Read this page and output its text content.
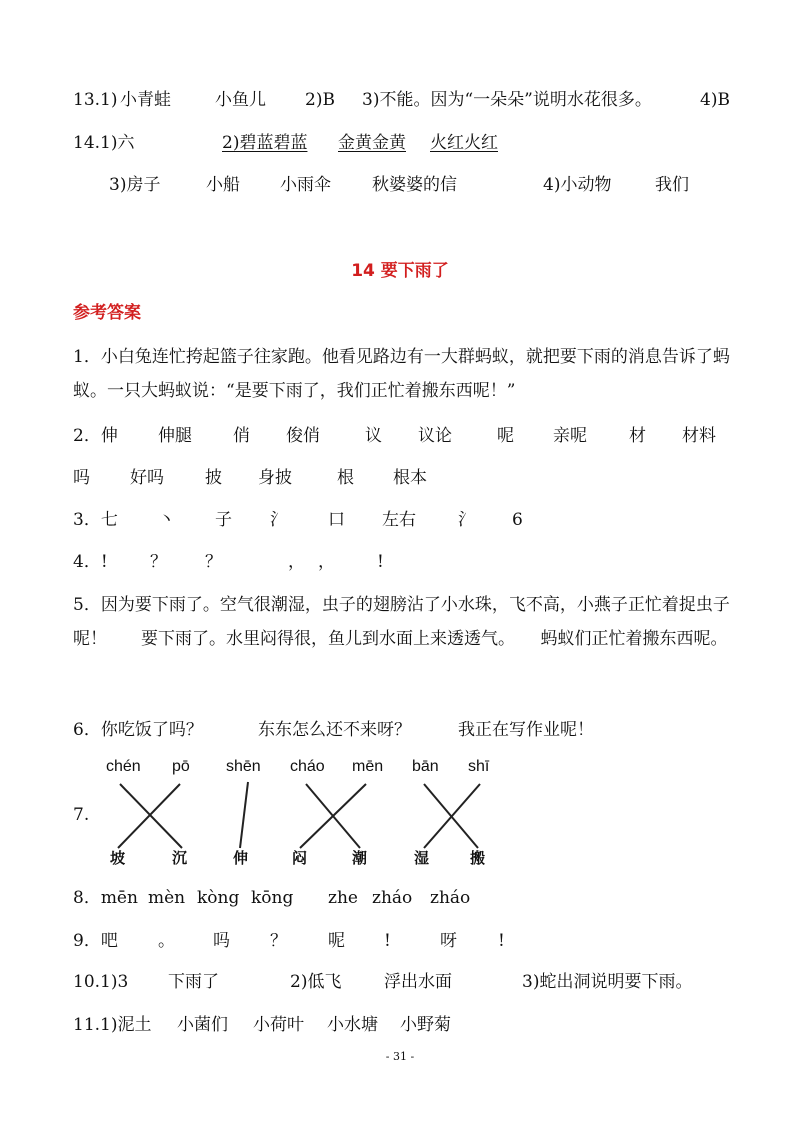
13.1) 小青蛙	小鱼儿 2)B 3)不能。因为“一朵朵”说明水花很多。	4)B
14.1)六	2)碧蓝碧蓝 金黄金黄 火红火红
3)房子	小船 小雨伞 秋婆婆的信	4)小动物	我们
14 要下雨了
参考答案
1．小白兔连忙挎起篮子往家跑。他看见路边有一大群蚂蚁，就把要下雨的消息告诉了蚂蚁。一只大蚂蚁说：“是要下雨了，我们正忙着搬东西呢！”
2．伸 伸腿 俏 俊俏	议 议论	呢 亲呢 材 材料
吗 好吗 披 身披	根 根本
3．七 丶 子 氵 口 左右 氵 6
4．! ？ ？	， ， !
5．因为要下雨了。空气很潮湿，虫子的翅膀沾了小水珠，飞不高，小燕子正忙着捉虫子呢！　　要下雨了。水里闷得很，鱼儿到水面上来透透气。　　蚂蚁们正忙着搬东西呢。
6．你吃饭了吗？	东东怎么还不来呀？	我正在写作业呢！
7.
chén pō shēn cháo mēn bān shī
坡	沉	伸	闷	潮	湿	搬
8．mēn mèn kòng kōng zhe zháo zháo
9．吧 。 吗 ？ 呢 !	呀 !
10.1)3 下雨了	2)低飞	浮出水面	3)蛇出洞说明要下雨。
11.1)泥土 小菌们 小荷叶 小水塘 小野菊
- 31 -
